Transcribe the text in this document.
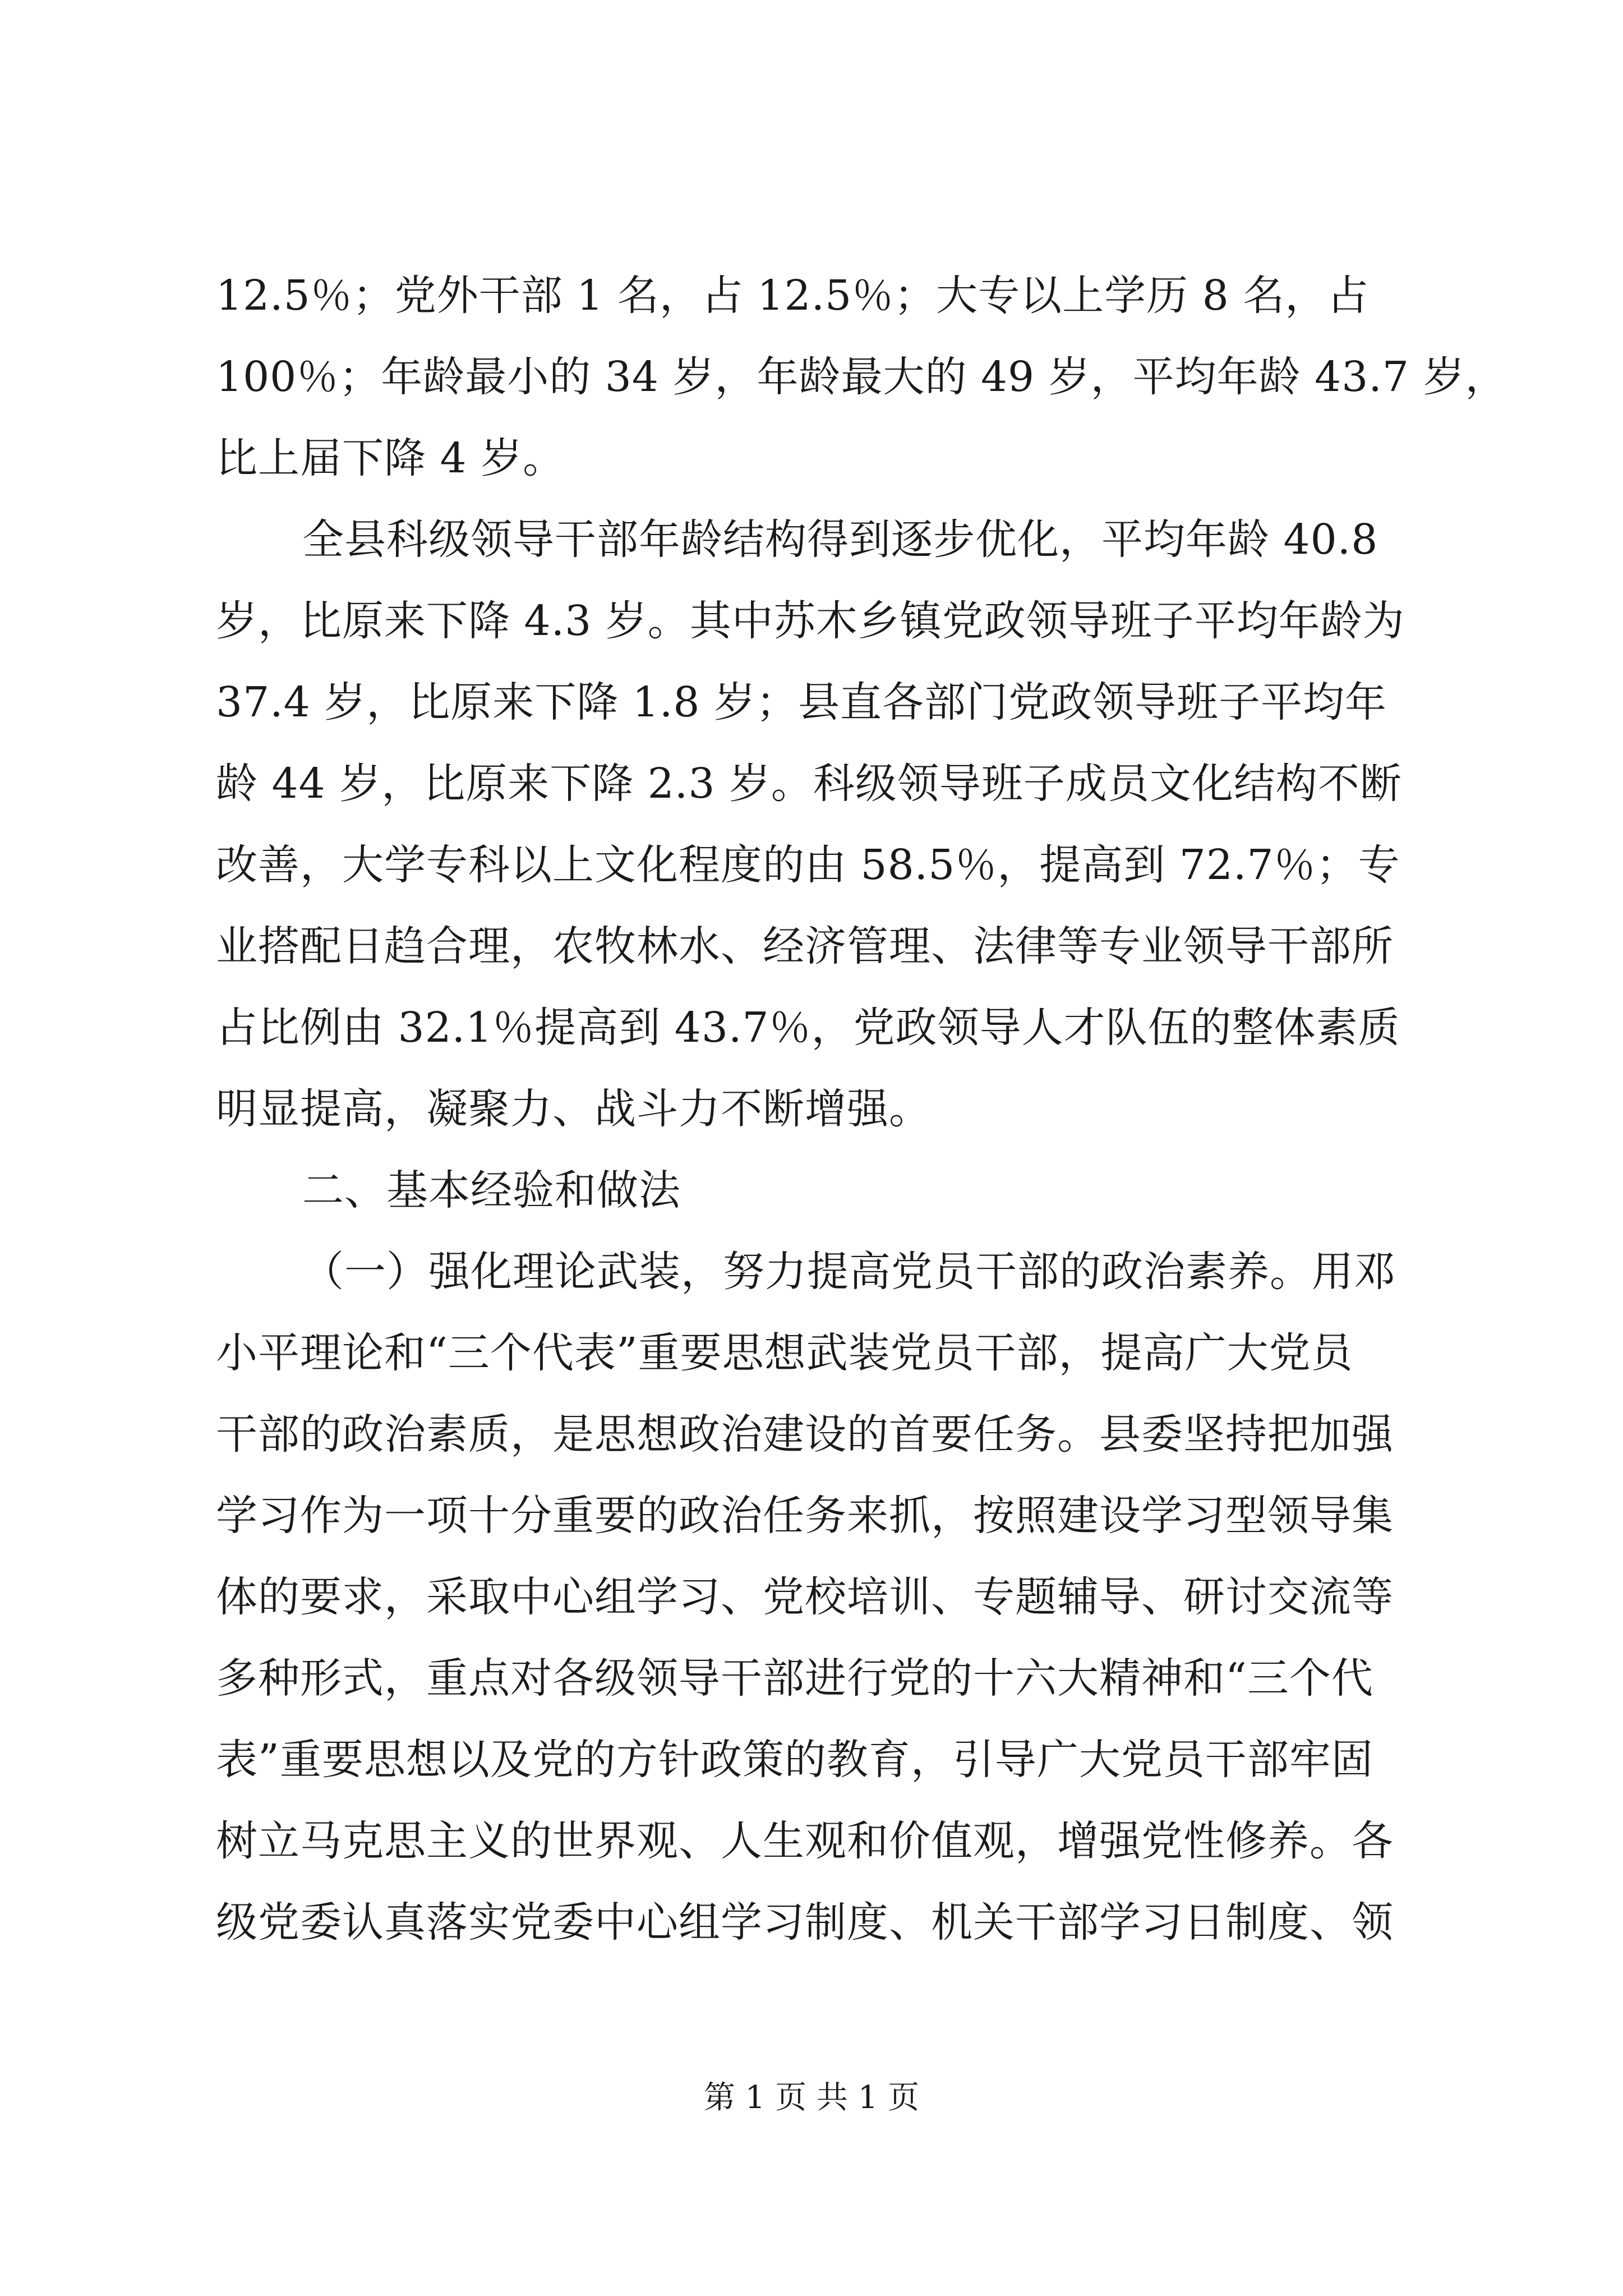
12.5％；党外干部 1 名，占 12.5％；大专以上学历 8 名，占
100％；年龄最小的 34 岁，年龄最大的 49 岁，平均年龄 43.7 岁，
比上届下降 4 岁。
全县科级领导干部年龄结构得到逐步优化，平均年龄 40.8
岁，比原来下降 4.3 岁。其中苏木乡镇党政领导班子平均年龄为
37.4 岁，比原来下降 1.8 岁；县直各部门党政领导班子平均年
龄 44 岁，比原来下降 2.3 岁。科级领导班子成员文化结构不断
改善，大学专科以上文化程度的由 58.5％，提高到 72.7％；专
业搭配日趋合理，农牧林水、经济管理、法律等专业领导干部所
占比例由 32.1％提高到 43.7％，党政领导人才队伍的整体素质
明显提高，凝聚力、战斗力不断增强。
二、基本经验和做法
（一）强化理论武装，努力提高党员干部的政治素养。用邓
小平理论和“三个代表”重要思想武装党员干部，提高广大党员
干部的政治素质，是思想政治建设的首要任务。县委坚持把加强
学习作为一项十分重要的政治任务来抓，按照建设学习型领导集
体的要求，采取中心组学习、党校培训、专题辅导、研讨交流等
多种形式，重点对各级领导干部进行党的十六大精神和“三个代
表”重要思想以及党的方针政策的教育，引导广大党员干部牢固
树立马克思主义的世界观、人生观和价值观，增强党性修养。各
级党委认真落实党委中心组学习制度、机关干部学习日制度、领
第 1 页 共 1 页
